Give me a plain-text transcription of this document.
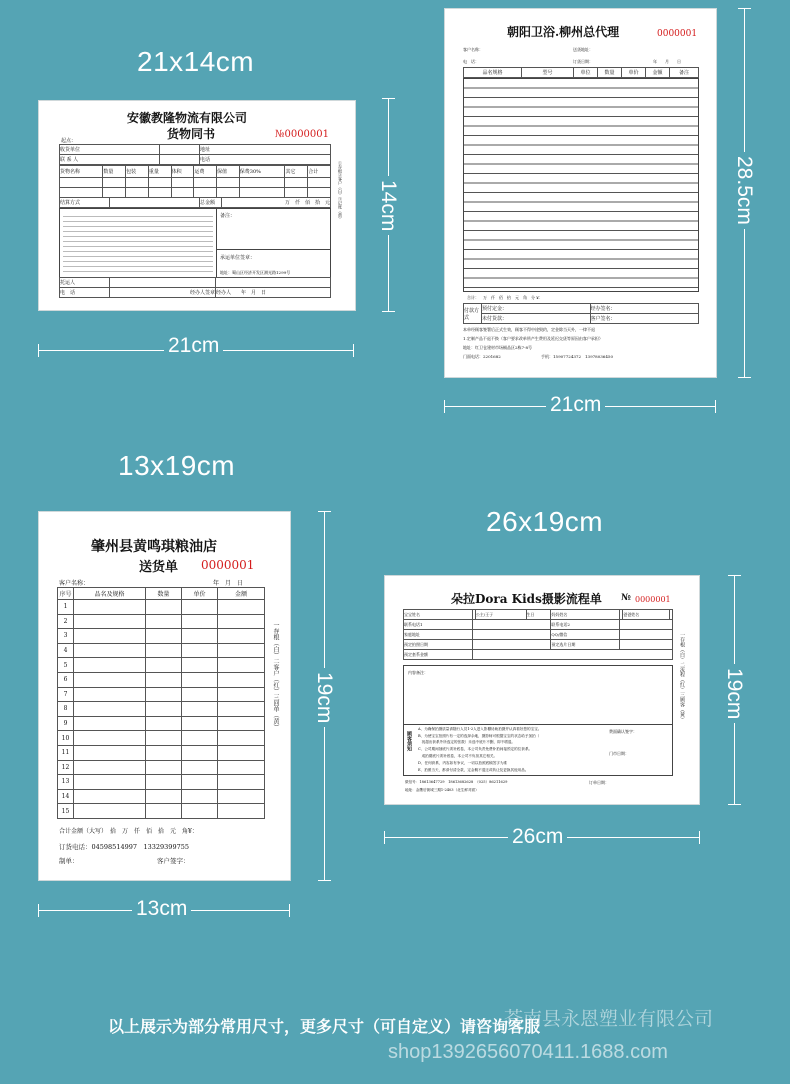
21x14cm
安徽教隆物流有限公司
货物同书	№0000001
起点：
收货单位		地址
联 系 人		电话
货物名称	数量	包装	重量	体积	运费	保值	保费30%	其它	合计

结算方式		总金额	万　仟　佰　拾　元
备注：
承运单位签章：
地址：蜀山区经济开发区测光路1299号
托运人		
电　话	经办人签章	经办人　　 年　月　日
①存根②客户（白）③记账（黄）
21cm
14cm
朝阳卫浴.柳州总代理	0000001
客户名称：	送货地址：
电　话：	订货日期：	年　　月　　日
品名规格	型号	单位	数量	单价	金额	备注
合计：　万　仟　佰　拾　元　角　分 ¥：
付款方式	预付定金：	经办签名：
	未付货款：	客户签名：
本单经顾客签署后正式生效，顾客不得中途毁约，定金除当天外，一律不退
1.定制产品不退不换（客户要求改单所产生费用及延迟交货等原因由客户承担）
地址：红卫仓建材市场桶品区2栋7-8号
门面电话：2201682	手机：15907724372　13978036450
21cm
28.5cm
13x19cm
肇州县黄鸣琪粮油店
送货单 0000001
客户名称：	年　月　日
序号	品名及规格	数量	单价	金额
1				
2				
3				
4				
5				
6				
7				
8				
9				
10				
11				
12				
13				
14				
15				
合计金额（大写）　拾　万　仟　佰　拾　元　角¥：
订货电话：04598514997　13329399755
制单：	客户签字：
一存根（白）二客户（红）三回单（黄）
13cm
19cm
26x19cm
朵拉Dora Kids摄影流程单 № 0000001
宝宝姓名		公主/王子	生日	妈妈姓名		爸爸姓名	
联系电话1				联系电话2			
家庭地址				QQ/微信			
预定拍照日期				预定选片日期			
预定套系金额							
内容备注：
顾客须知
A、为确保拍摄质量请随行人员1-2人进入影棚协助拍摄并认真看好您的宝宝。
B、为使宝宝拍照片有一定的选择余地，摄影师可根据宝宝的状态给予加拍（
　视超出套系外所选定的张数）未选中底片不删，即不增退。
C、公司期间抽底片须补底卷，本公司负责免费补拍间接预定的位套系。
　成拍期底片须补底卷，本公司不负担其它相关。
D、任何套系，内容如有争议，一切以拍照底稿签字为准
E、拍照当天，都请付清全款，定金概不退还或转让及更换其他用品。
费面确认签字：
门市日期：
微信号：18613647729　18613682628　（025）86211629	订单日期：
地址：金鹰后街城三期1-2403（北生鲜对面）
一存根（白）二流程（红）三顾客（黄）
26cm
19cm
苍南县永恩塑业有限公司
以上展示为部分常用尺寸，更多尺寸（可自定义）请咨询客服
shop1392656070411.1688.com
